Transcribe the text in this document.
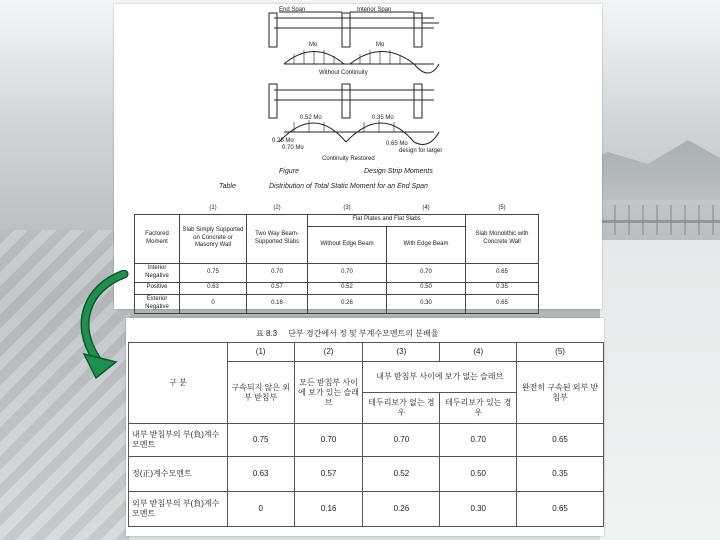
End Span	Interior Span
Mo	Mo
Without Continuity
0.52 Mo	0.35 Mo
0.26 Mo
0.70 Mo
0.65 Mo
design for larger
Continuity Restored
Figure	Design Strip Moments
Table	Distribution of Total Static Moment for an End Span
	(1)	(2)	(3)	(4)	(5)
Factored Moment	Slab Simply Supported on Concrete or Masonry Wall	Two Way Beam-Supported Slabs	Flat Plates and Flat Slabs		Slab Monolithic with Concrete Wall
			Without Edge Beam	With Edge Beam	
Interior Negative	0.75	0.70	0.70	0.70	0.65
Positive	0.63	0.57	0.52	0.50	0.35
Exterior Negative	0	0.16	0.26	0.30	0.65
표 8.3 단부 경간에서 정 및 부계수모멘트의 분배율
구 분	(1)	(2)	(3)	(4)	(5)
	구속되지 않은 외부 받침부	모든 받침부 사이에 보가 있는 슬래브	내부 받침부 사이에 보가 없는 슬래브		완전히 구속된 외부 받침부
			테두리보가 없는 경우	테두리보가 있는 경우	
내부 받침부의 부(負)계수모멘트	0.75	0.70	0.70	0.70	0.65
정(正)계수모멘트	0.63	0.57	0.52	0.50	0.35
외부 받침부의 부(負)계수모멘트	0	0.16	0.26	0.30	0.65
